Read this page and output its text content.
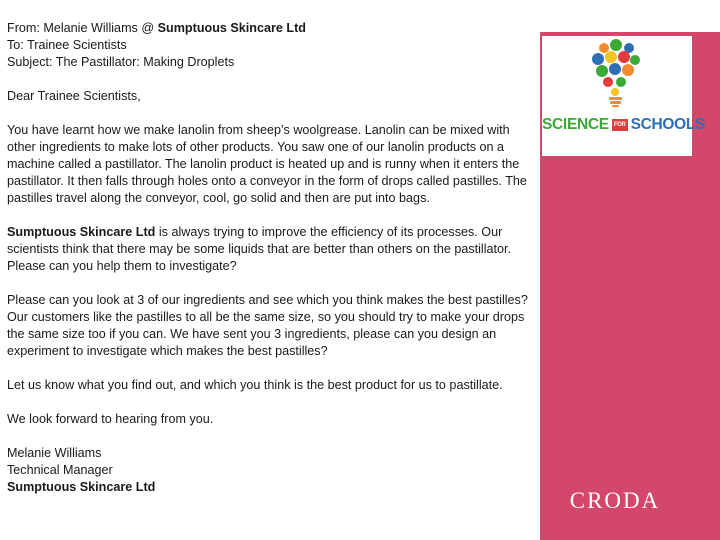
SCIENCE FOR SCHOOLS
CRODA

From: Melanie Williams @ Sumptuous Skincare Ltd

To: Trainee Scientists

Subject: The Pastillator: Making Droplets

Dear Trainee Scientists,

You have learnt how we make lanolin from sheep’s woolgrease. Lanolin can be mixed with other ingredients to make lots of other products. You saw one of our lanolin products on a machine called a pastillator. The lanolin product is heated up and is runny when it enters the pastillator. It then falls through holes onto a conveyor in the form of drops called pastilles. The pastilles travel along the conveyor, cool, go solid and then are put into bags.

Sumptuous Skincare Ltd is always trying to improve the efficiency of its processes. Our scientists think that there may be some liquids that are better than others on the pastillator. Please can you help them to investigate?

Please can you look at 3 of our ingredients and see which you think makes the best pastilles? Our customers like the pastilles to all be the same size, so you should try to make your drops the same size too if you can. We have sent you 3 ingredients, please can you design an experiment to investigate which makes the best pastilles?

Let us know what you find out, and which you think is the best product for us to pastillate.

We look forward to hearing from you.

Melanie Williams

Technical Manager

Sumptuous Skincare Ltd
